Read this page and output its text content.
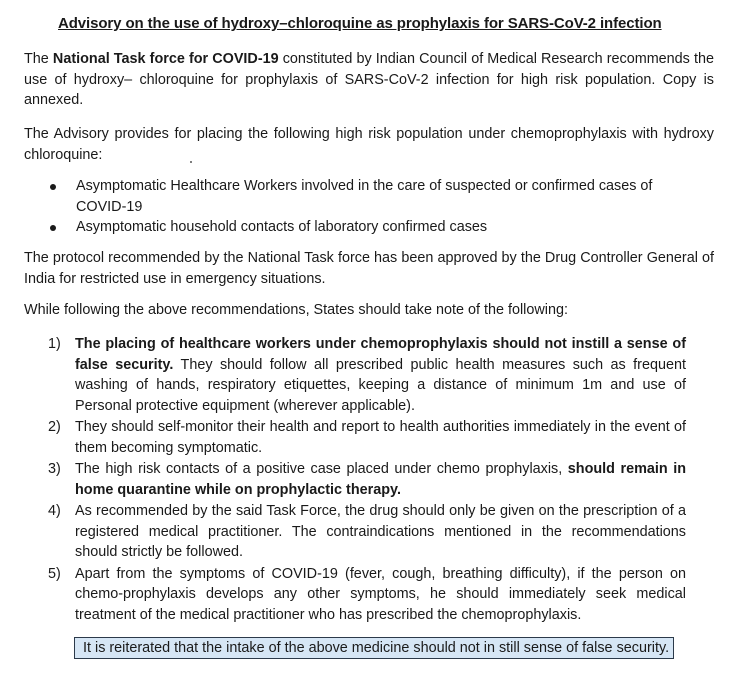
Advisory on the use of hydroxy–chloroquine as prophylaxis for SARS-CoV-2 infection
The National Task force for COVID-19 constituted by Indian Council of Medical Research recommends the use of hydroxy– chloroquine for prophylaxis of SARS-CoV-2 infection for high risk population. Copy is annexed.
The Advisory provides for placing the following high risk population under chemoprophylaxis with hydroxy chloroquine:
Asymptomatic Healthcare Workers involved in the care of suspected or confirmed cases of COVID-19
Asymptomatic household contacts of laboratory confirmed cases
The protocol recommended by the National Task force has been approved by the Drug Controller General of India for restricted use in emergency situations.
While following the above recommendations, States should take note of the following:
1) The placing of healthcare workers under chemoprophylaxis should not instill a sense of false security. They should follow all prescribed public health measures such as frequent washing of hands, respiratory etiquettes, keeping a distance of minimum 1m and use of Personal protective equipment (wherever applicable).
2) They should self-monitor their health and report to health authorities immediately in the event of them becoming symptomatic.
3) The high risk contacts of a positive case placed under chemo prophylaxis, should remain in home quarantine while on prophylactic therapy.
4) As recommended by the said Task Force, the drug should only be given on the prescription of a registered medical practitioner. The contraindications mentioned in the recommendations should strictly be followed.
5) Apart from the symptoms of COVID-19 (fever, cough, breathing difficulty), if the person on chemo-prophylaxis develops any other symptoms, he should immediately seek medical treatment of the medical practitioner who has prescribed the chemoprophylaxis.
It is reiterated that the intake of the above medicine should not in still sense of false security.
